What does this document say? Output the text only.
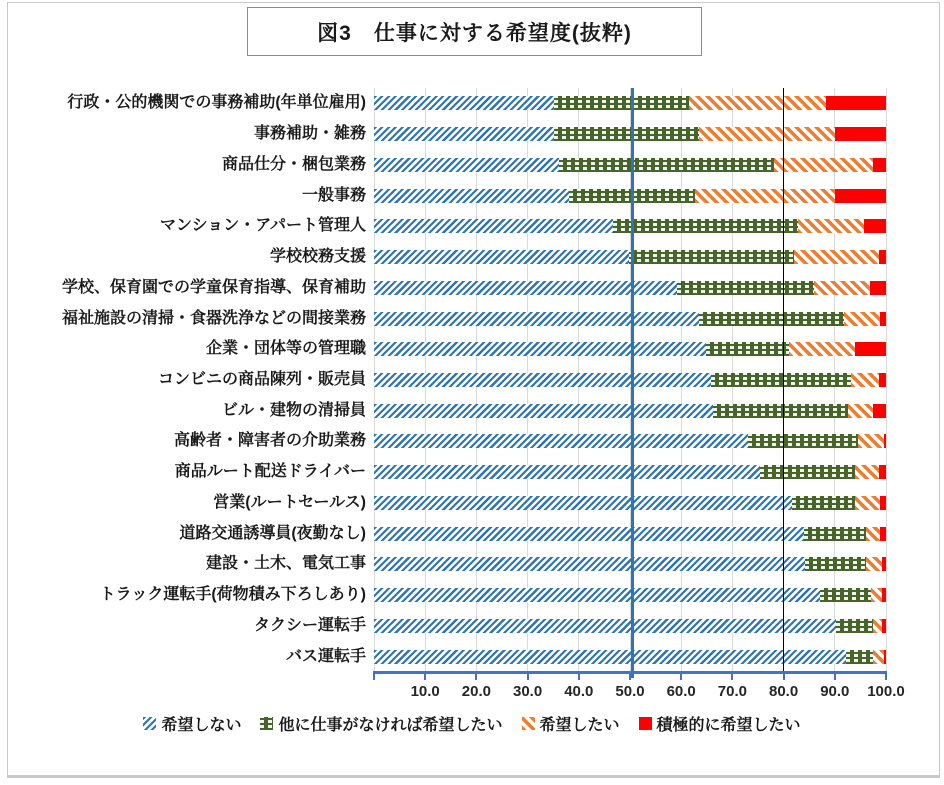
図3　仕事に対する希望度(抜粋)
行政・公的機関での事務補助(年単位雇用)
事務補助・雑務
商品仕分・梱包業務
一般事務
マンション・アパート管理人
学校校務支援
学校、保育園での学童保育指導、保育補助
福祉施設の清掃・食器洗浄などの間接業務
企業・団体等の管理職
コンビニの商品陳列・販売員
ビル・建物の清掃員
高齢者・障害者の介助業務
商品ルート配送ドライバー
営業(ルートセールス)
道路交通誘導員(夜勤なし)
建設・土木、電気工事
トラック運転手(荷物積み下ろしあり)
タクシー運転手
バス運転手
10.0	20.0	30.0	40.0	50.0	60.0	70.0	80.0	90.0	100.0
希望しない 他に仕事がなければ希望したい 希望したい 積極的に希望したい
